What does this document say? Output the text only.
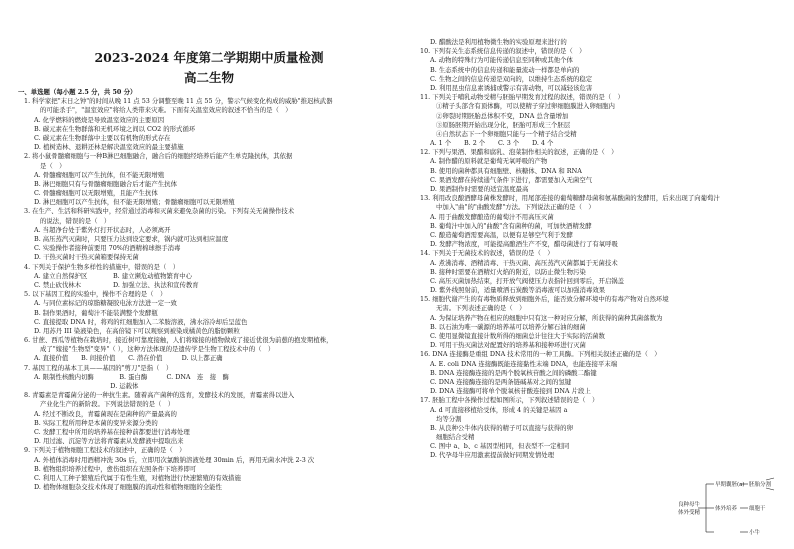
2023-2024 年度第二学期期中质量检测
高二生物
一、单选题（每小题 2.5 分，共 50 分）
1. 科学家把"末日之钟"的时间从晚 11 点 53 分调整至晚 11 点 55 分，警示气候变化构成的威胁"推迟核武器
的可能杀手"，"温室效应"将给人类带来灾难。下面有关温室效应的叙述不恰当的是（　）
A. 化学燃料的燃烧是导致温室效应的主要原因
B. 碳元素在生物群落和无机环境之间以 CO2 的形式循环
C. 碳元素在生物群落中主要以有机物的形式存在
D. 植树造林、退耕还林是解决温室效应的最主要措施
2. 将小鼠骨髓瘤细胞与一种B淋巴细胞融合，融合后的细胞经培养后能产生单克隆抗体，其依据
是（　）
A. 骨髓瘤细胞可以产生抗体，但不能无限增殖
B. 淋巴细胞只有与骨髓瘤细胞融合后才能产生抗体
C. 骨髓瘤细胞可以无限增殖，且能产生抗体
D. 淋巴细胞可以产生抗体，但不能无限增殖；骨髓瘤细胞可以无限增殖
3. 在生产、生活和科研实践中，经常通过消毒和灭菌来避免杂菌的污染。下列有关无菌操作技术
的说法，错误的是（　）
A. 当超净台处于紫外灯打开状态时，人必须离开
B. 高压蒸汽灭菌时，只要压力达到设定要求，锅内就可达到相应温度
C. 实验操作者接种前要用 70%的酒精棉球擦手消毒
D. 干热灭菌时干热灭菌箱要保持无菌
4. 下列关于保护生物多样性的措施中，错误的是（　）
A. 建立自然保护区　　　　B. 建立濒危动植物繁育中心
C. 禁止砍伐林木　　　　　D. 加强立法、执法和宣传教育
5. 以下基因工程的实验中，操作不合理的是（　）
A. 与同位素标记的琼脂糖凝胶电泳方法进一定一致
B. 制作果酒时，葡萄汁不能装满整个发酵瓶
C. 直接提取 DNA 时，将鸡的红细胞加入二苯胺溶液，沸水浴冷却后呈蓝色
D. 用苏丹 III 染液染色，在高倍镜下可以观察到被染成橘黄色的脂肪颗粒
6. 甘蔗、西瓜等植物在栽培时，接近树可靠度接触，人们将嫁接的植物做成了接近优很为前憩的抱发期植株，
成了"嫁接"生物型"变异"（ ），这种方法体现的是遗传学是生物工程技术中的（　）
A. 直接价值　　B. 间接价值　　C. 潜在价值　　　D. 以上都正确
7. 基因工程的基本工具——基因的"剪刀"是指（　）
A. 限制性核酸内切酶　　　　B. 蛋白酶　　　C. DNA　连　接　酶
　　　　　　　　　　　D. 运载体
8. 青霉素是青霉菌分泌的一种抗生素。随着高产菌种的选育，发酵技术的发展，青霉素得以进入
产业化生产的新阶段。下列说法错误的是（　）
A. 经过不断改良，青霉菌现在是菌种的产量最高的
B. 实际工程所用种是本菌的变异来源分类的
C. 发酵工程中所用的培养基在接种前都要进行消毒处理
D. 用过滤、沉淀等方法将青霉素从发酵液中提取出来
9. 下列关于植物细胞工程技术的叙述中，正确的是（　）
A. 外植体消毒时用酒精冲洗 30s 后，立即用次氯酸钠溶液处理 30min 后，再用无菌水冲洗 2-3 次
B. 植物组织培养过程中，愈伤组织在光照条件下培养即可
C. 利用人工种子繁殖后代属于有性生殖，对植物进行快速繁殖的有效措施
D. 植物体细胞杂交技术体现了细胞膜的流动性和植物细胞的全能性
D. 醋酸法是利用植物微生物的实验原理来进行的
10. 下列有关生态系统信息传递的叙述中，错误的是（　）
A. 动物的特殊行为可能传递信息至同种或其他个体
B. 生态系统中的信息传递和能量流动一样都是单向的
C. 生物之间的信息传递是双向的，以维持生态系统的稳定
D. 利用昆虫信息素诱捕或警示有害动物，可以减轻该危害
11. 下列关于哺乳动物受精与胚胎早期发育过程的叙述，错误的是（　）
①精子头部含有顶体酶，可以使精子穿过卵细胞膜进入卵细胞内
②卵裂时期胚胎总体积不变，DNA 总含量增加
③原肠胚期开始出现分化，胚胎可形成三个胚层
④自然状态下一个卵细胞只能与一个精子结合受精
A. 1 个　　B. 2 个　　C. 3 个　　D. 4 个
12. 下列与果酒、果醋和腐乳、泡菜制作相关的叙述，正确的是（　）
A. 制作醋的原料就是葡萄无氧呼吸的产物
B. 使用的菌种都具有细胞壁、核糖体、DNA 和 RNA
C. 果酒发酵在持续通气条件下进行，都需要加入无菌空气
D. 果酒制作时需要的适宜温度最高
13. 利用改良酿酒酵母菌株发酵时，用尾部连接的葡萄糖酵母菌和氨基酸菌的发酵用，后来出现了向葡萄汁
中加入"曲"的"曲酸发酵"方法。下列说法正确的是（　）
A. 用于曲酸发酵酿造的葡萄汁不用高压灭菌
B. 葡萄汁中加入的"曲酸"含有菌种的菌，可加快酒精发酵
C. 酿造葡萄酒需要高温，以便有足够空气利于发酵
D. 发酵产物浓度，可能提高酿酒生产不变，醋母菌进行了有氧呼吸
14. 下列关于无菌技术的叙述，错误的是（　）
A. 煮沸消毒、酒精消毒、干热灭菌、高压蒸汽灭菌都属于无菌技术
B. 接种时需要在酒精灯火焰的附近，以防止微生物污染
C. 高压灭菌加热结束，打开放气阀使压力表指针回到零后，开启锅盖
D. 紫外线照射前，适量喷洒石炭酸等消毒液可以加强消毒效果
15. 细胞代谢产生的有毒物质释放到细胞外后，能否致分解环境中的有毒产物对自然环境
无害。下列表述正确的是（　）
A. 为保证培养产物在相应的细胞中只有这一种对应分解，所获得的菌种其菌落数为
B. 以石油为唯一碳源的培养基可以培养分解石油的细菌
C. 使用显微镜直接计数所得的细菌总计往往大于实际的活菌数
D. 可用干热灭菌法对配置好的培养基和接种环进行灭菌
16. DNA 连接酶是重组 DNA 技术常用的一种工具酶。下列相关叙述正确的是（　）
A. E. coli DNA 连接酶既能连接黏性末端 DNA，也能连接平末端
B. DNA 连接酶连接的是两个脱氧核苷酸之间的磷酸二酯键
C. DNA 连接酶连接的是两条链碱基对之间的氢键
D. DNA 连接酶可将单个脱氧核苷酸连接到 DNA 片段上
17. 胚胎工程中各操作过程如图所示，下列叙述错误的是（　）
A. d 可直接移植给受体，形成 4 的关键是基因 a
均等分割
B. 从良种公牛体内获得的精子可以直接与获得的卵
细胞结合受精
C. 图中 a、b、c 基因型相同，但表型不一定相同
D. 代孕母牛应用激素提前做好同期发情处理
良种母牛
体外受精
早期囊胚(a)
体外培养
胚胎分割
细胞干
小牛
